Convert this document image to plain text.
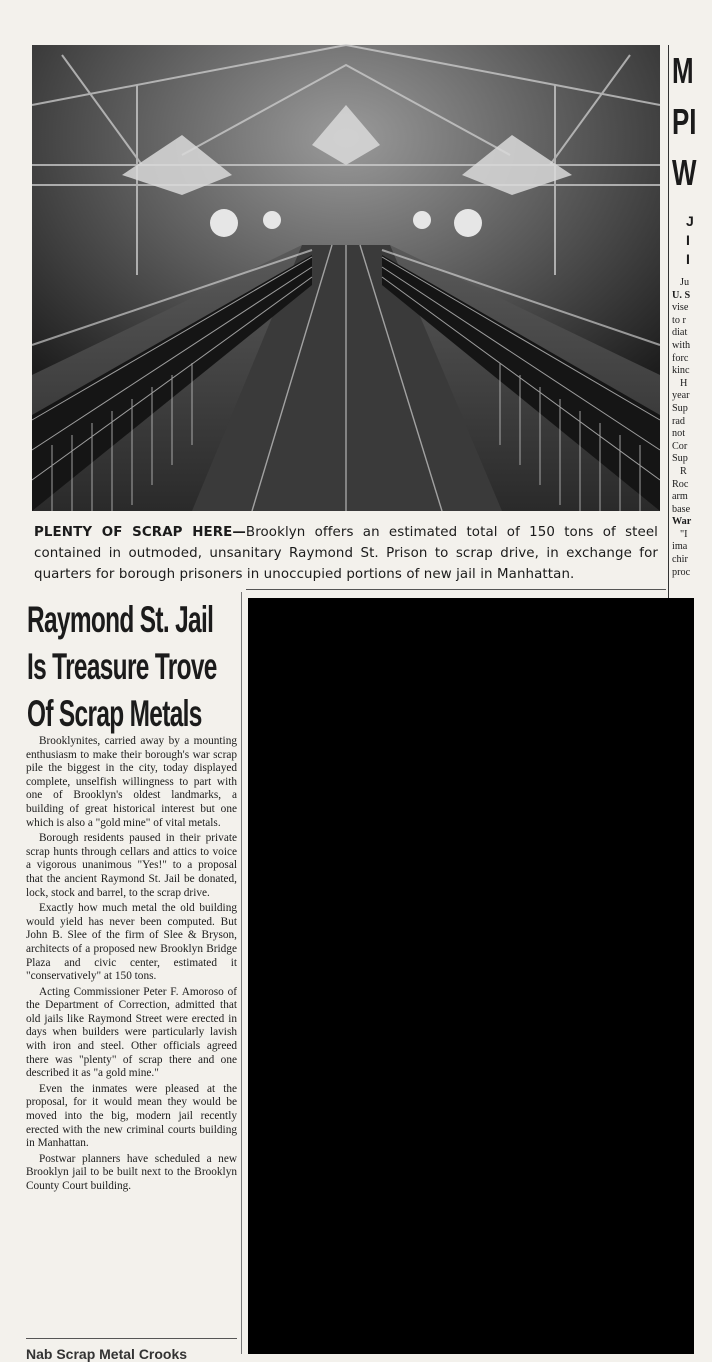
PLENTY OF SCRAP HERE—Brooklyn offers an estimated total of 150 tons of steel contained in outmoded, unsanitary Raymond St. Prison to scrap drive, in exchange for quarters for borough prisoners in unoccupied portions of new jail in Manhattan.
M
PI
W
J
I
I
Ju
U. S
vise
to r
diat
with
forc
kinc
H
year
Sup
rad
not
Cor
Sup
R
Roc
arm
base
War
"I
ima
chir
proc
Raymond St. Jail
Is Treasure Trove
Of Scrap Metals

Brooklynites, carried away by a mounting enthusiasm to make their borough's war scrap pile the biggest in the city, today displayed complete, unselfish willingness to part with one of Brooklyn's oldest landmarks, a building of great historical interest but one which is also a "gold mine" of vital metals.

Borough residents paused in their private scrap hunts through cellars and attics to voice a vigorous unanimous "Yes!" to a proposal that the ancient Raymond St. Jail be donated, lock, stock and barrel, to the scrap drive.

Exactly how much metal the old building would yield has never been computed. But John B. Slee of the firm of Slee & Bryson, architects of a proposed new Brooklyn Bridge Plaza and civic center, estimated it "conservatively" at 150 tons.

Acting Commissioner Peter F. Amoroso of the Department of Correction, admitted that old jails like Raymond Street were erected in days when builders were particularly lavish with iron and steel. Other officials agreed there was "plenty" of scrap there and one described it as "a gold mine."

Even the inmates were pleased at the proposal, for it would mean they would be moved into the big, modern jail recently erected with the new criminal courts building in Manhattan.

Postwar planners have scheduled a new Brooklyn jail to be built next to the Brooklyn County Court building.

Nab Scrap Metal Crooks
